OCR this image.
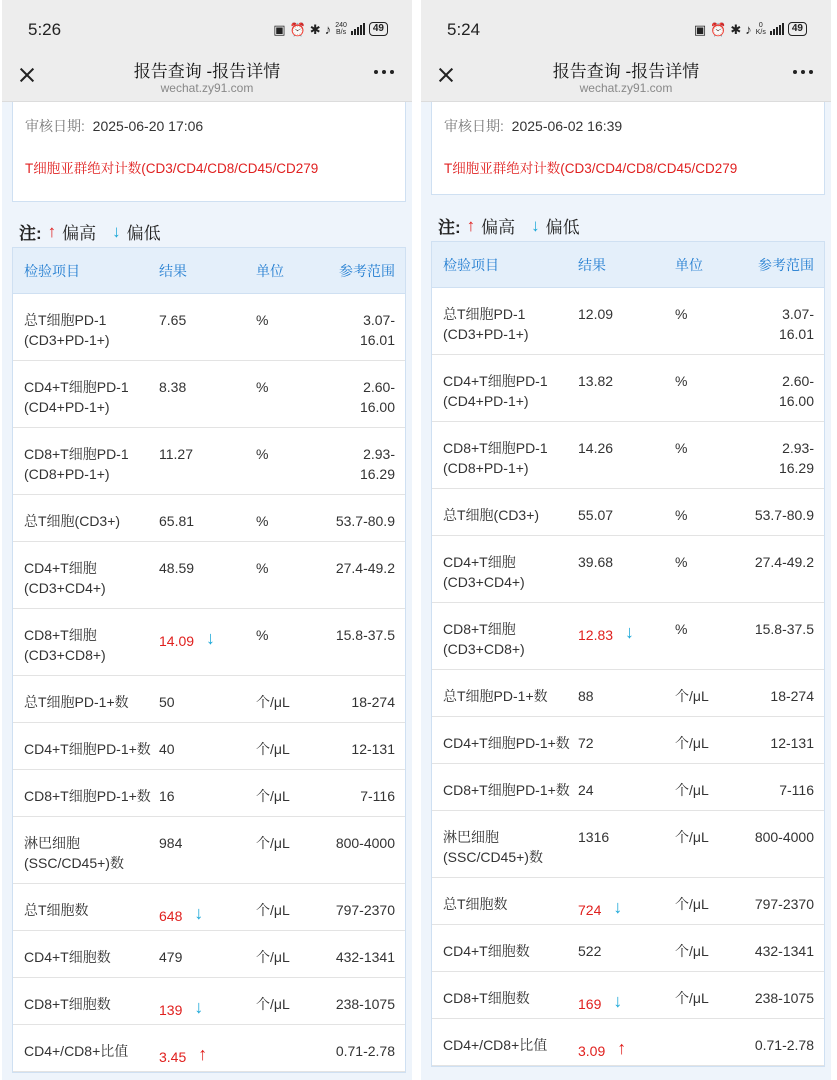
5:26	▣ ⏰ ✱ ♪ 240
B/s	49
报告查询 -报告详情
wechat.zy91.com
审核日期: 2025-06-20 17:06
T细胞亚群绝对计数(CD3/CD4/CD8/CD45/CD279
注: ↑ 偏高 ↓ 偏低
检验项目	结果	单位	参考范围
总T细胞PD-1
(CD3+PD-1+)
7.65	%	3.07-
16.01
CD4+T细胞PD-1
(CD4+PD-1+)
8.38	%	2.60-
16.00
CD8+T细胞PD-1
(CD8+PD-1+)
11.27	%	2.93-
16.29
总T细胞(CD3+)	65.81	%	53.7-80.9
CD4+T细胞
(CD3+CD4+)
48.59	%	27.4-49.2
CD8+T细胞
(CD3+CD8+)
14.09 ↓	%	15.8-37.5
总T细胞PD-1+数	50	个/μL	18-274
CD4+T细胞PD-1+数 40	个/μL	12-131
CD8+T细胞PD-1+数 16	个/μL	7-116
淋巴细胞
(SSC/CD45+)数
984	个/μL	800-4000
总T细胞数	648 ↓	个/μL	797-2370
CD4+T细胞数	479	个/μL	432-1341
CD8+T细胞数	139 ↓	个/μL	238-1075
CD4+/CD8+比值	3.45 ↑	0.71-2.78
5:24	▣ ⏰ ✱ ♪ 0
K/s	49
报告查询 -报告详情
wechat.zy91.com
审核日期: 2025-06-02 16:39
T细胞亚群绝对计数(CD3/CD4/CD8/CD45/CD279
注: ↑ 偏高 ↓ 偏低
检验项目	结果	单位	参考范围
总T细胞PD-1
(CD3+PD-1+)
12.09	%	3.07-
16.01
CD4+T细胞PD-1
(CD4+PD-1+)
13.82	%	2.60-
16.00
CD8+T细胞PD-1
(CD8+PD-1+)
14.26	%	2.93-
16.29
总T细胞(CD3+)	55.07	%	53.7-80.9
CD4+T细胞
(CD3+CD4+)
39.68	%	27.4-49.2
CD8+T细胞
(CD3+CD8+)
12.83 ↓	%	15.8-37.5
总T细胞PD-1+数	88	个/μL	18-274
CD4+T细胞PD-1+数 72	个/μL	12-131
CD8+T细胞PD-1+数 24	个/μL	7-116
淋巴细胞
(SSC/CD45+)数
1316	个/μL	800-4000
总T细胞数	724 ↓	个/μL	797-2370
CD4+T细胞数	522	个/μL	432-1341
CD8+T细胞数	169 ↓	个/μL	238-1075
CD4+/CD8+比值	3.09 ↑	0.71-2.78
